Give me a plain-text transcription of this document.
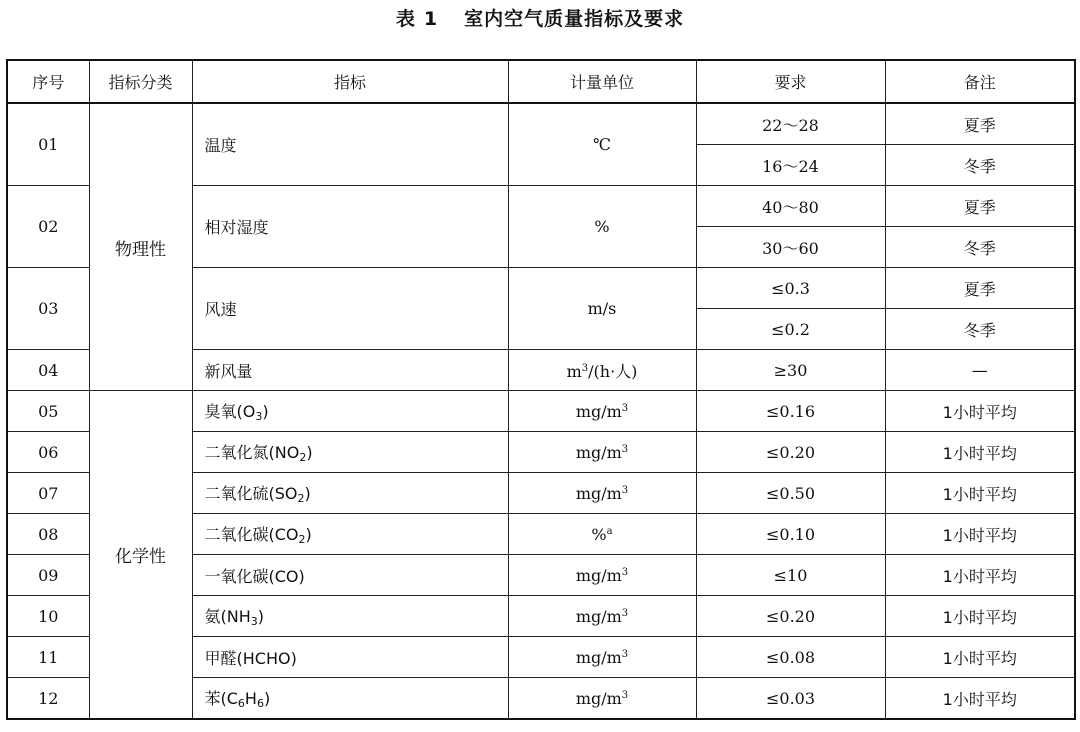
表 1 室内空气质量指标及要求
序号	指标分类	指标	计量单位	要求	备注
01	物理性	温度	℃	22～28	夏季
				16～24	冬季
02		相对湿度	%	40～80	夏季
				30～60	冬季
03		风速	m/s	≤0.3	夏季
				≤0.2	冬季
04		新风量	$m^3/(h\cdot$人)	≥30	—
05	化学性	臭氧$(O_3)$	$mg/m^3$	≤0.16	1小时平均
06		二氧化氮$(NO_2)$	$mg/m^3$	≤0.20	1小时平均
07		二氧化硫$(SO_2)$	$mg/m^3$	≤0.50	1小时平均
08		二氧化碳$(CO_2)$	%$^a$	≤0.10	1小时平均
09		一氧化碳(CO)	$mg/m^3$	≤10	1小时平均
10		氨$(NH_3)$	$mg/m^3$	≤0.20	1小时平均
11		甲醛(HCHO)	$mg/m^3$	≤0.08	1小时平均
12		苯$(C_6H_6)$	$mg/m^3$	≤0.03	1小时平均
